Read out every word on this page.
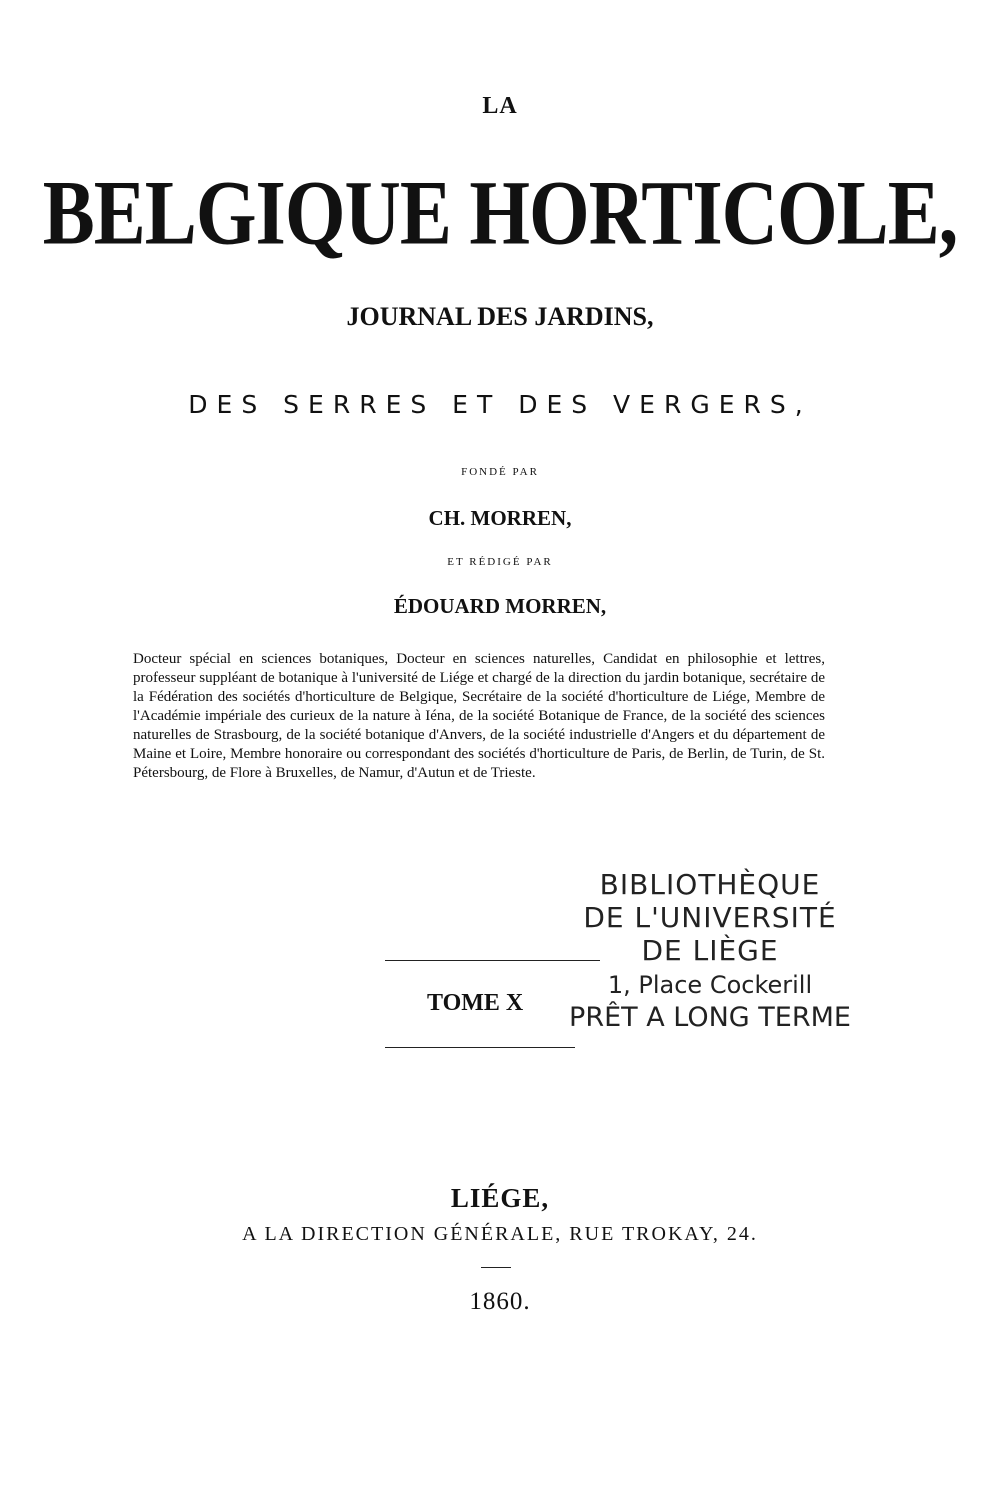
LA
BELGIQUE HORTICOLE,
JOURNAL DES JARDINS,
DES SERRES ET DES VERGERS,
FONDÉ PAR
CH. MORREN,
ET RÉDIGÉ PAR
ÉDOUARD MORREN,
Docteur spécial en sciences botaniques, Docteur en sciences naturelles, Candidat en philosophie et lettres, professeur suppléant de botanique à l'université de Liége et chargé de la direction du jardin botanique, secrétaire de la Fédération des sociétés d'horticulture de Belgique, Secrétaire de la société d'horticulture de Liége, Membre de l'Académie impériale des curieux de la nature à Iéna, de la société Botanique de France, de la société des sciences naturelles de Strasbourg, de la société botanique d'Anvers, de la société industrielle d'Angers et du département de Maine et Loire, Membre honoraire ou correspondant des sociétés d'horticulture de Paris, de Berlin, de Turin, de St. Pétersbourg, de Flore à Bruxelles, de Namur, d'Autun et de Trieste.
BIBLIOTHÈQUE
DE L'UNIVERSITÉ
DE LIÈGE
1, Place Cockerill
PRÊT A LONG TERME
TOME X
LIÉGE,
A LA DIRECTION GÉNÉRALE, RUE TROKAY, 24.
1860.
